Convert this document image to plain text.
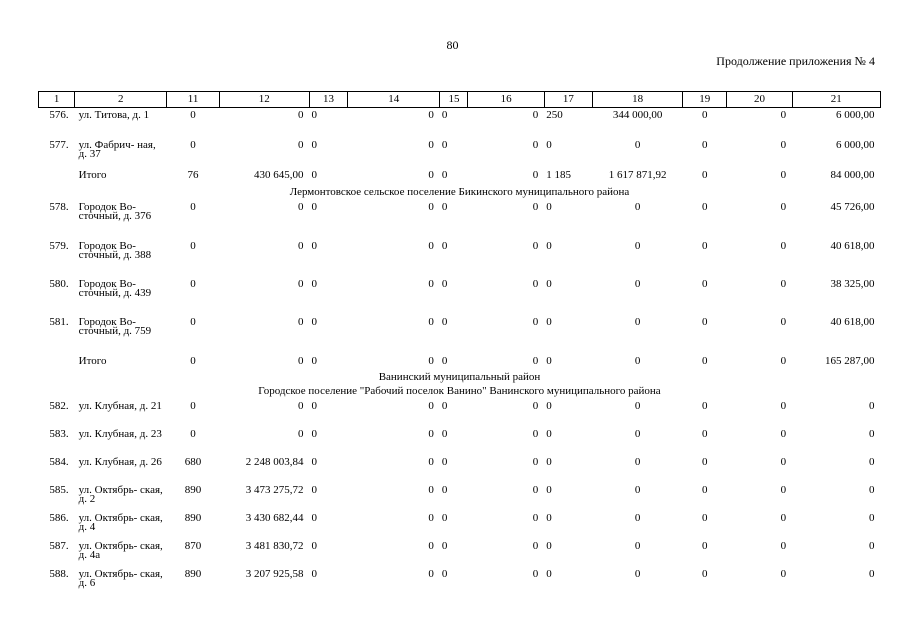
80
Продолжение приложения № 4
1	2	11	12	13	14	15	16	17	18	19	20	21
576.	ул. Титова, д. 1	0	0	0	0	0	0	250	344 000,00	0	0	6 000,00
577.	ул. Фабрич- ная, д. 37	0	0	0	0	0	0	0	0	0	0	6 000,00
	Итого	76	430 645,00	0	0	0	0	1 185	1 617 871,92	0	0	84 000,00
Лермонтовское сельское поселение Бикинского муниципального района												
578.	Городок Во- сточный, д. 376	0	0	0	0	0	0	0	0	0	0	45 726,00
579.	Городок Во- сточный, д. 388	0	0	0	0	0	0	0	0	0	0	40 618,00
580.	Городок Во- сточный, д. 439	0	0	0	0	0	0	0	0	0	0	38 325,00
581.	Городок Во- сточный, д. 759	0	0	0	0	0	0	0	0	0	0	40 618,00
	Итого	0	0	0	0	0	0	0	0	0	0	165 287,00
Ванинский муниципальный район												
Городское поселение "Рабочий поселок Ванино" Ванинского муниципального района												
582.	ул. Клубная, д. 21	0	0	0	0	0	0	0	0	0	0	0
583.	ул. Клубная, д. 23	0	0	0	0	0	0	0	0	0	0	0
584.	ул. Клубная, д. 26	680	2 248 003,84	0	0	0	0	0	0	0	0	0
585.	ул. Октябрь- ская, д. 2	890	3 473 275,72	0	0	0	0	0	0	0	0	0
586.	ул. Октябрь- ская, д. 4	890	3 430 682,44	0	0	0	0	0	0	0	0	0
587.	ул. Октябрь- ская, д. 4а	870	3 481 830,72	0	0	0	0	0	0	0	0	0
588.	ул. Октябрь- ская, д. 6	890	3 207 925,58	0	0	0	0	0	0	0	0	0
